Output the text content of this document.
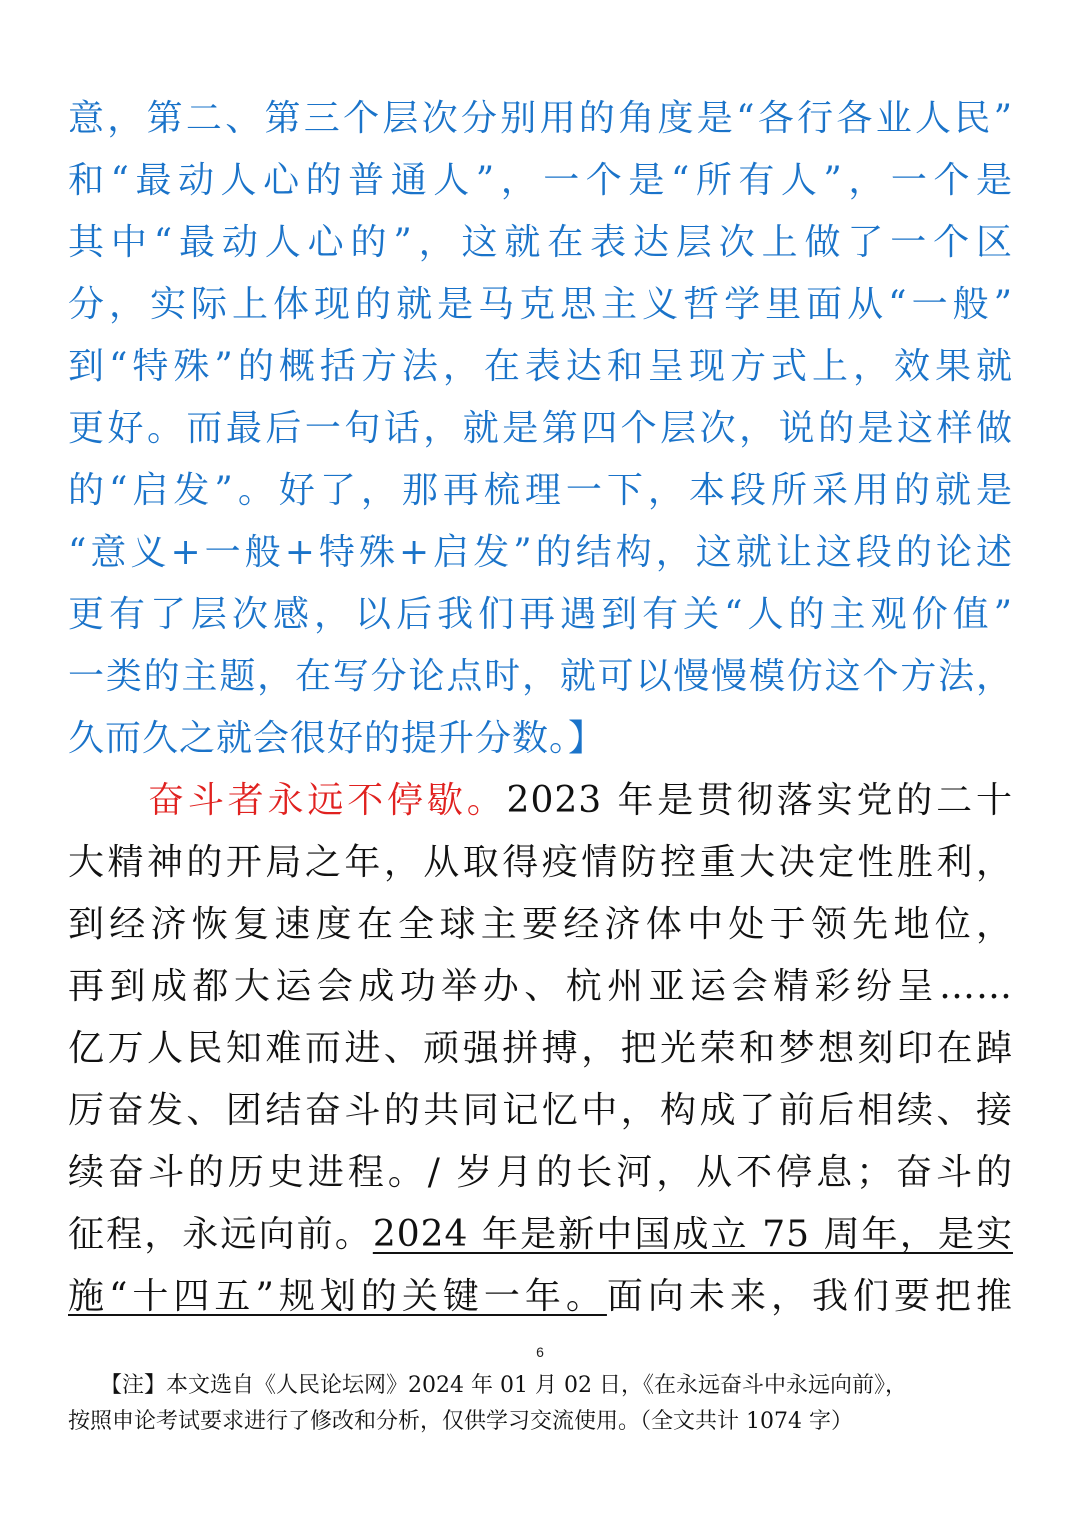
意，第二、第三个层次分别用的角度是“各行各业人民”
和“最动人心的普通人”，一个是“所有人”，一个是
其中“最动人心的”，这就在表达层次上做了一个区
分，实际上体现的就是马克思主义哲学里面从“一般”
到“特殊”的概括方法，在表达和呈现方式上，效果就
更好。而最后一句话，就是第四个层次，说的是这样做
的“启发”。好了，那再梳理一下，本段所采用的就是
“意义+一般+特殊+启发”的结构，这就让这段的论述
更有了层次感，以后我们再遇到有关“人的主观价值”
一类的主题，在写分论点时，就可以慢慢模仿这个方法，
久而久之就会很好的提升分数。】
奋斗者永远不停歇。2023 年是贯彻落实党的二十
大精神的开局之年，从取得疫情防控重大决定性胜利，
到经济恢复速度在全球主要经济体中处于领先地位，
再到成都大运会成功举办、杭州亚运会精彩纷呈……
亿万人民知难而进、顽强拼搏，把光荣和梦想刻印在踔
厉奋发、团结奋斗的共同记忆中，构成了前后相续、接
续奋斗的历史进程。/ 岁月的长河，从不停息；奋斗的
征程，永远向前。2024 年是新中国成立 75 周年，是实
施“十四五”规划的关键一年。面向未来，我们要把推
6
【注】本文选自《人民论坛网》2024 年 01 月 02 日，《在永远奋斗中永远向前》，
按照申论考试要求进行了修改和分析，仅供学习交流使用。（全文共计 1074 字）
